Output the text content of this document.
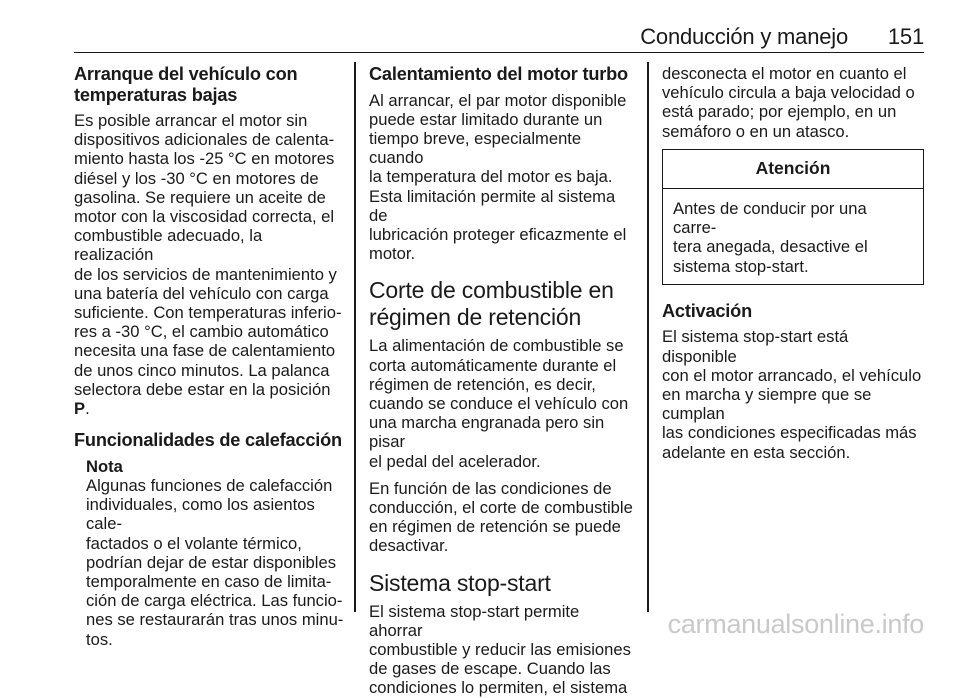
Conducción y manejo 151
Arranque del vehículo con
temperaturas bajas

Es posible arrancar el motor sin
dispositivos adicionales de calenta-
miento hasta los -25 °C en motores
diésel y los -30 °C en motores de
gasolina. Se requiere un aceite de
motor con la viscosidad correcta, el
combustible adecuado, la realización
de los servicios de mantenimiento y
una batería del vehículo con carga
suficiente. Con temperaturas inferio-
res a -30 °C, el cambio automático
necesita una fase de calentamiento
de unos cinco minutos. La palanca
selectora debe estar en la posición
P.

Funcionalidades de calefacción

Nota

Algunas funciones de calefacción
individuales, como los asientos cale-
factados o el volante térmico,
podrían dejar de estar disponibles
temporalmente en caso de limita-
ción de carga eléctrica. Las funcio-
nes se restaurarán tras unos minu-
tos.

Calentamiento del motor turbo

Al arrancar, el par motor disponible
puede estar limitado durante un
tiempo breve, especialmente cuando
la temperatura del motor es baja.
Esta limitación permite al sistema de
lubricación proteger eficazmente el
motor.

Corte de combustible en
régimen de retención

La alimentación de combustible se
corta automáticamente durante el
régimen de retención, es decir,
cuando se conduce el vehículo con
una marcha engranada pero sin pisar
el pedal del acelerador.

En función de las condiciones de
conducción, el corte de combustible
en régimen de retención se puede
desactivar.

Sistema stop-start

El sistema stop-start permite ahorrar
combustible y reducir las emisiones
de gases de escape. Cuando las
condiciones lo permiten, el sistema

desconecta el motor en cuanto el
vehículo circula a baja velocidad o
está parado; por ejemplo, en un
semáforo o en un atasco.

Atención
Antes de conducir por una carre-
tera anegada, desactive el
sistema stop-start.
Activación

El sistema stop-start está disponible
con el motor arrancado, el vehículo
en marcha y siempre que se cumplan
las condiciones especificadas más
adelante en esta sección.

carmanualsonline.info
